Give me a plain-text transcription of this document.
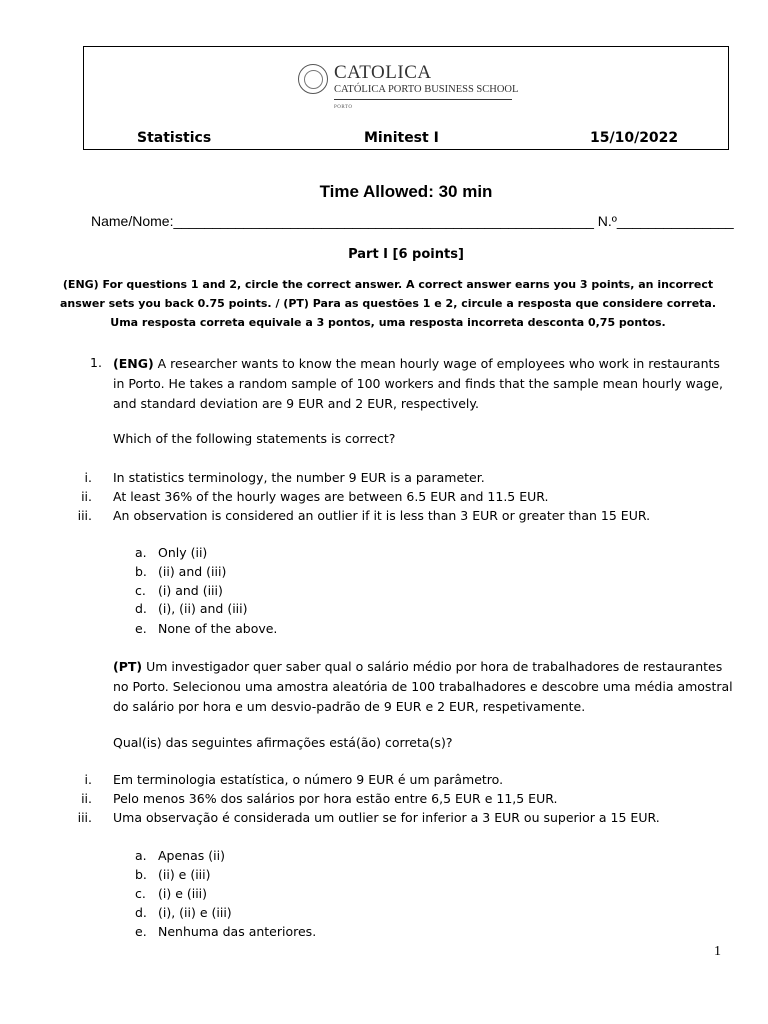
CATOLICA
CATÓLICA PORTO BUSINESS SCHOOL
PORTO
Statistics	Minitest I	15/10/2022
Time Allowed: 30 min
Name/Nome:______________________________________________________ N.º_______________
Part I [6 points]
(ENG) For questions 1 and 2, circle the correct answer. A correct answer earns you 3 points, an incorrect answer sets you back 0.75 points. / (PT) Para as questões 1 e 2, circule a resposta que considere correta. Uma resposta correta equivale a 3 pontos, uma resposta incorreta desconta 0,75 pontos.
1. (ENG) A researcher wants to know the mean hourly wage of employees who work in restaurants in Porto. He takes a random sample of 100 workers and finds that the sample mean hourly wage, and standard deviation are 9 EUR and 2 EUR, respectively.
Which of the following statements is correct?
i. In statistics terminology, the number 9 EUR is a parameter.
ii. At least 36% of the hourly wages are between 6.5 EUR and 11.5 EUR.
iii. An observation is considered an outlier if it is less than 3 EUR or greater than 15 EUR.
a. Only (ii)
b. (ii) and (iii)
c. (i) and (iii)
d. (i), (ii) and (iii)
e. None of the above.
(PT) Um investigador quer saber qual o salário médio por hora de trabalhadores de restaurantes no Porto. Selecionou uma amostra aleatória de 100 trabalhadores e descobre uma média amostral do salário por hora e um desvio-padrão de 9 EUR e 2 EUR, respetivamente.
Qual(is) das seguintes afirmações está(ão) correta(s)?
i. Em terminologia estatística, o número 9 EUR é um parâmetro.
ii. Pelo menos 36% dos salários por hora estão entre 6,5 EUR e 11,5 EUR.
iii. Uma observação é considerada um outlier se for inferior a 3 EUR ou superior a 15 EUR.
a. Apenas (ii)
b. (ii) e (iii)
c. (i) e (iii)
d. (i), (ii) e (iii)
e. Nenhuma das anteriores.
1
